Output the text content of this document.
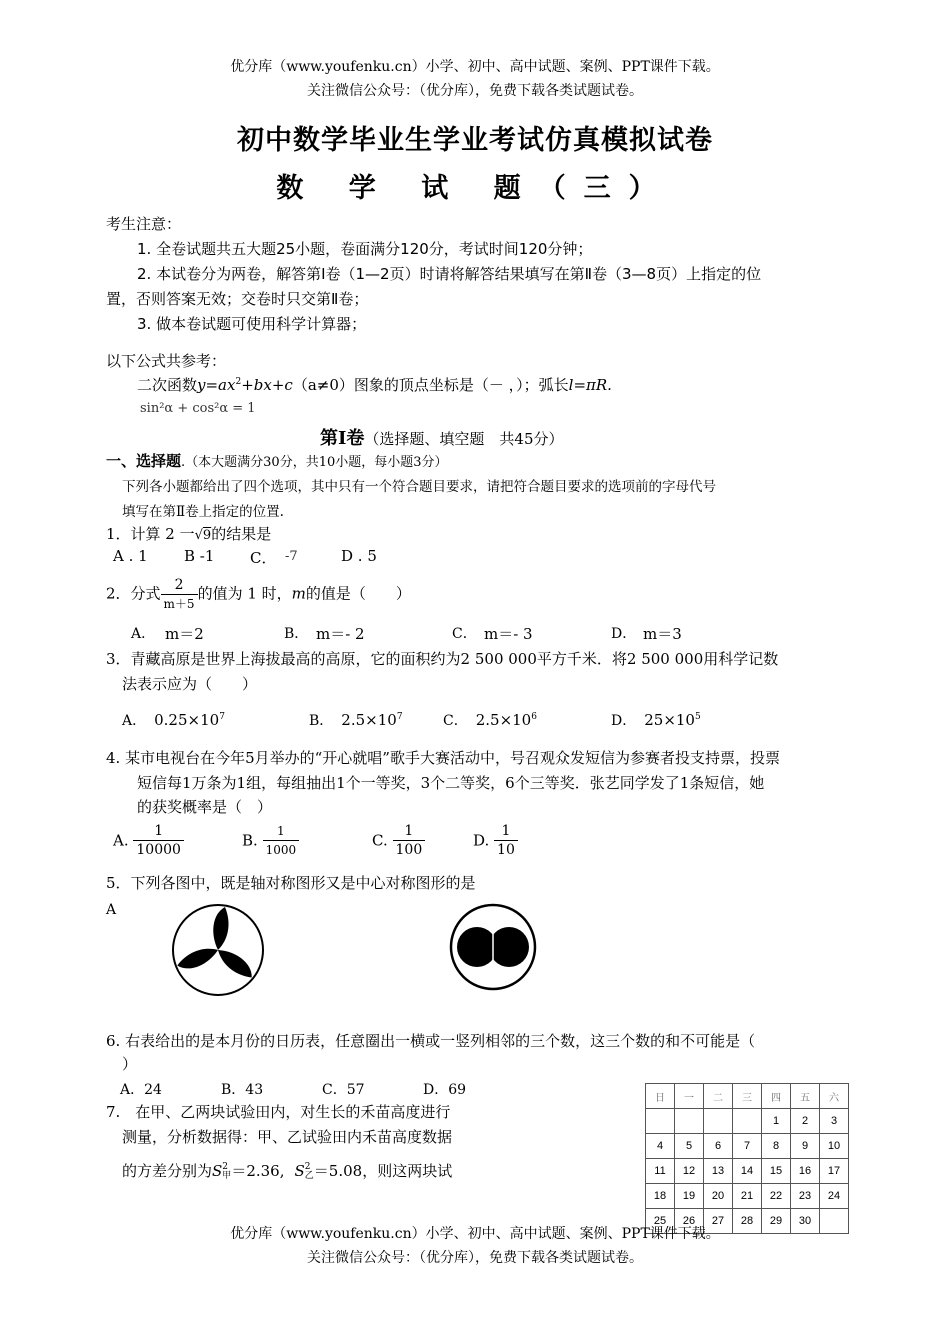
优分库（www.youfenku.cn）小学、初中、高中试题、案例、PPT课件下载。
关注微信公众号：（优分库），免费下载各类试题试卷。
初中数学毕业生学业考试仿真模拟试卷
数 学 试 题（三）
考生注意：
1. 全卷试题共五大题25小题，卷面满分120分，考试时间120分钟；
2. 本试卷分为两卷，解答第Ⅰ卷（1—2页）时请将解答结果填写在第Ⅱ卷（3—8页）上指定的位
置，否则答案无效；交卷时只交第Ⅱ卷；
3. 做本卷试题可使用科学计算器；
以下公式共参考：
二次函数$y=ax^2+bx+c(a\ne 0)$图象的顶点坐标是（－ ，）；弧长l=πR.
sin²α + cos²α = 1
第Ⅰ卷（选择题、填空题　共45分）
一、选择题.（本大题满分30分，共10小题，每小题3分）
下列各小题都给出了四个选项，其中只有一个符合题目要求，请把符合题目要求的选项前的字母代号
填写在第Ⅱ卷上指定的位置.
1．计算 2 一√9的结果是
A . 1 B -1 C． -7	D . 5
2．分式 $\frac{2}{m+5}$ 的值为 1 时，m的值是（　　）
A． m＝2	B． m＝- 2	C． m＝- 3	D． m＝3
3．青藏高原是世界上海拔最高的高原，它的面积约为2 500 000平方千米．将2 500 000用科学记数
法表示应为（　　）
A． $0.25\times 10^7$	B． $2.5\times 10^7$	C． $2.5\times 10^6$	D． $25\times 10^5$
4. 某市电视台在今年5月举办的“开心就唱”歌手大赛活动中，号召观众发短信为参赛者投支持票，投票
短信每1万条为1组，每组抽出1个一等奖，3个二等奖，6个三等奖．张艺同学发了1条短信，她
的获奖概率是（　）
A. $\frac{1}{10000}$	B. $\frac{1}{1000}$	C. $\frac{1}{100}$	D. $\frac{1}{10}$
5．下列各图中，既是轴对称图形又是中心对称图形的是
A
6. 右表给出的是本月份的日历表，任意圈出一横或一竖列相邻的三个数，这三个数的和不可能是（
）
A．24	B．43	C．57	D．69
7.　在甲、乙两块试验田内，对生长的禾苗高度进行
测量，分析数据得：甲、乙试验田内禾苗高度数据
的方差分别为S 2
甲 ＝2.36, S 2
乙 ＝5.08，则这两块试
日	一	二	三	四	五	六
				1	2	3
4	5	6	7	8	9	10
11	12	13	14	15	16	17
18	19	20	21	22	23	24
25	26	27	28	29	30	
优分库（www.youfenku.cn）小学、初中、高中试题、案例、PPT课件下载。
关注微信公众号：（优分库），免费下载各类试题试卷。
